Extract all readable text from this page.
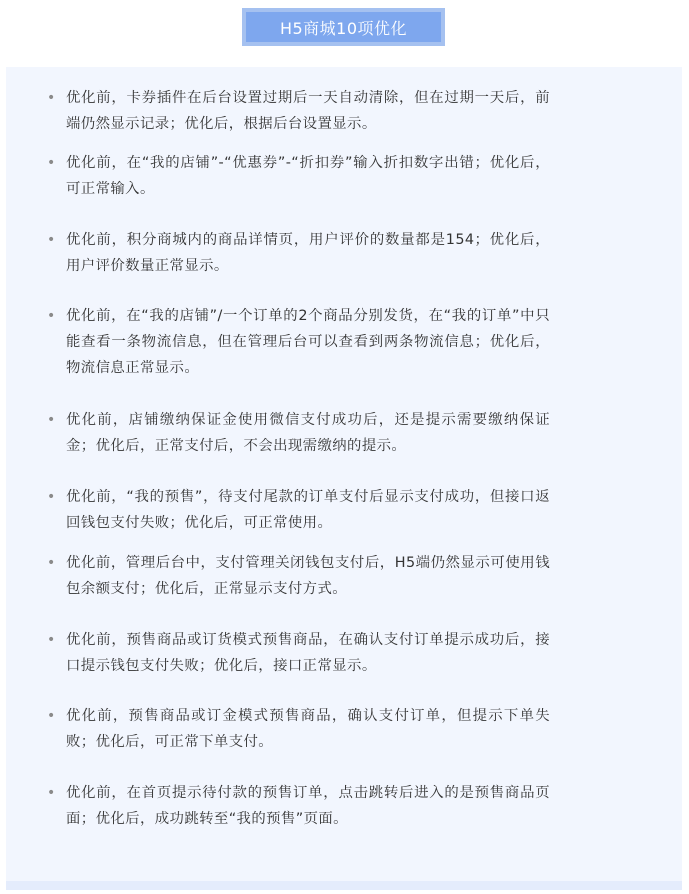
H5商城10项优化
• 优化前，卡券插件在后台设置过期后一天自动清除，但在过期一天后，前端仍然显示记录；优化后，根据后台设置显示。
• 优化前，在“我的店铺”-“优惠券”-“折扣券”输入折扣数字出错；优化后，可正常输入。
• 优化前，积分商城内的商品详情页，用户评价的数量都是154；优化后，用户评价数量正常显示。
• 优化前，在“我的店铺”/一个订单的2个商品分别发货，在“我的订单”中只能查看一条物流信息，但在管理后台可以查看到两条物流信息；优化后，物流信息正常显示。
• 优化前，店铺缴纳保证金使用微信支付成功后，还是提示需要缴纳保证金；优化后，正常支付后，不会出现需缴纳的提示。
• 优化前，“我的预售”，待支付尾款的订单支付后显示支付成功，但接口返回钱包支付失败；优化后，可正常使用。
• 优化前，管理后台中，支付管理关闭钱包支付后，H5端仍然显示可使用钱包余额支付；优化后，正常显示支付方式。
• 优化前，预售商品或订货模式预售商品，在确认支付订单提示成功后，接口提示钱包支付失败；优化后，接口正常显示。
• 优化前，预售商品或订金模式预售商品，确认支付订单，但提示下单失败；优化后，可正常下单支付。
• 优化前，在首页提示待付款的预售订单，点击跳转后进入的是预售商品页面；优化后，成功跳转至“我的预售”页面。
